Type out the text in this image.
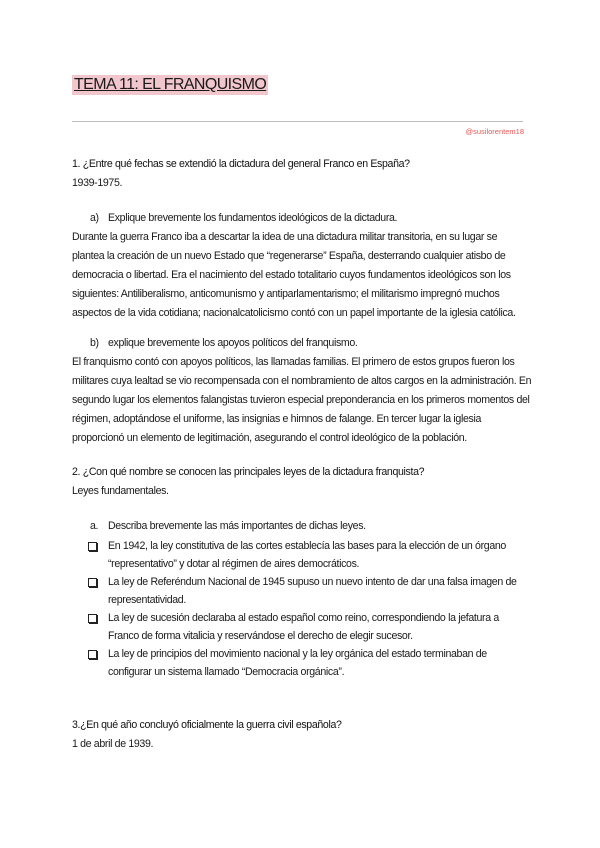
TEMA 11: EL FRANQUISMO
@susilorentem18
1. ¿Entre qué fechas se extendió la dictadura del general Franco en España?
1939-1975.
a) Explique brevemente los fundamentos ideológicos de la dictadura.
Durante la guerra Franco iba a descartar la idea de una dictadura militar transitoria, en su lugar se plantea la creación de un nuevo Estado que “regenerarse” España, desterrando cualquier atisbo de democracia o libertad. Era el nacimiento del estado totalitario cuyos fundamentos ideológicos son los siguientes: Antiliberalismo, anticomunismo y antiparlamentarismo; el militarismo impregnó muchos aspectos de la vida cotidiana; nacionalcatolicismo contó con un papel importante de la iglesia católica.
b) explique brevemente los apoyos políticos del franquismo.
El franquismo contó con apoyos políticos, las llamadas familias. El primero de estos grupos fueron los militares cuya lealtad se vio recompensada con el nombramiento de altos cargos en la administración. En segundo lugar los elementos falangistas tuvieron especial preponderancia en los primeros momentos del régimen, adoptándose el uniforme, las insignias e himnos de falange. En tercer lugar la iglesia proporcionó un elemento de legitimación, asegurando el control ideológico de la población.
2. ¿Con qué nombre se conocen las principales leyes de la dictadura franquista?
Leyes fundamentales.
a. Describa brevemente las más importantes de dichas leyes.
En 1942, la ley constitutiva de las cortes establecía las bases para la elección de un órgano “representativo” y dotar al régimen de aires democráticos.
La ley de Referéndum Nacional de 1945 supuso un nuevo intento de dar una falsa imagen de representatividad.
La ley de sucesión declaraba al estado español como reino, correspondiendo la jefatura a Franco de forma vitalicia y reservándose el derecho de elegir sucesor.
La ley de principios del movimiento nacional y la ley orgánica del estado terminaban de configurar un sistema llamado “Democracia orgánica”.
3.¿En qué año concluyó oficialmente la guerra civil española?
1 de abril de 1939.
